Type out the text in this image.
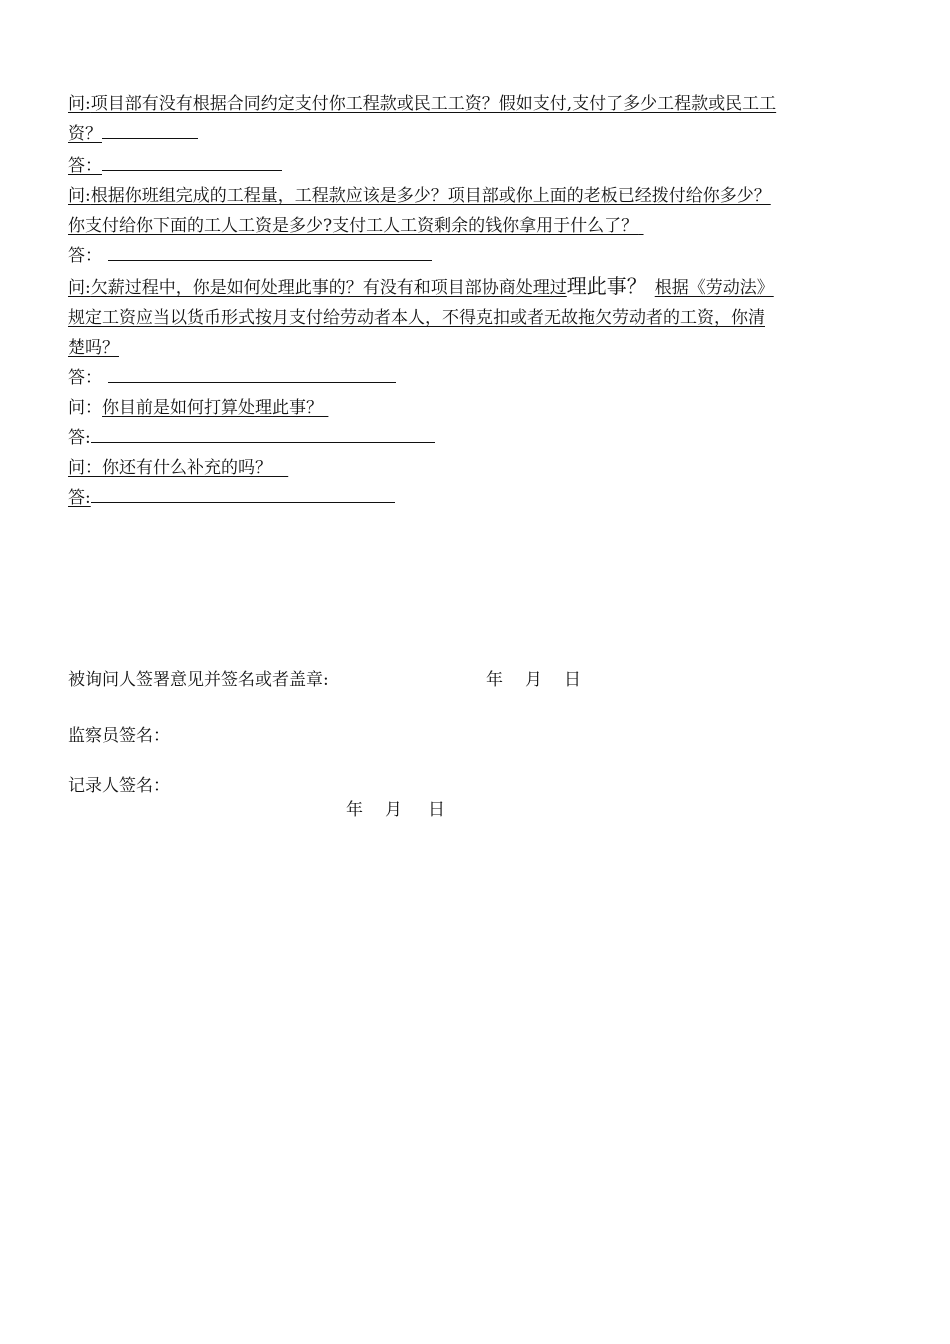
问:项目部有没有根据合同约定支付你工程款或民工工资？假如支付,支付了多少工程款或民工工
资？
答：
问:根据你班组完成的工程量，工程款应该是多少？项目部或你上面的老板已经拨付给你多少？
你支付给你下面的工人工资是多少?支付工人工资剩余的钱你拿用于什么了？
答：
问:欠薪过程中，你是如何处理此事的？有没有和项目部协商处理过理此事？ 根据《劳动法》
规定工资应当以货币形式按月支付给劳动者本人，不得克扣或者无故拖欠劳动者的工资，你清
楚吗？
答：
问：你目前是如何打算处理此事？
答:
问：你还有什么补充的吗？
答:
被询问人签署意见并签名或者盖章:	年 月 日
监察员签名：
记录人签名：
年 月 日
